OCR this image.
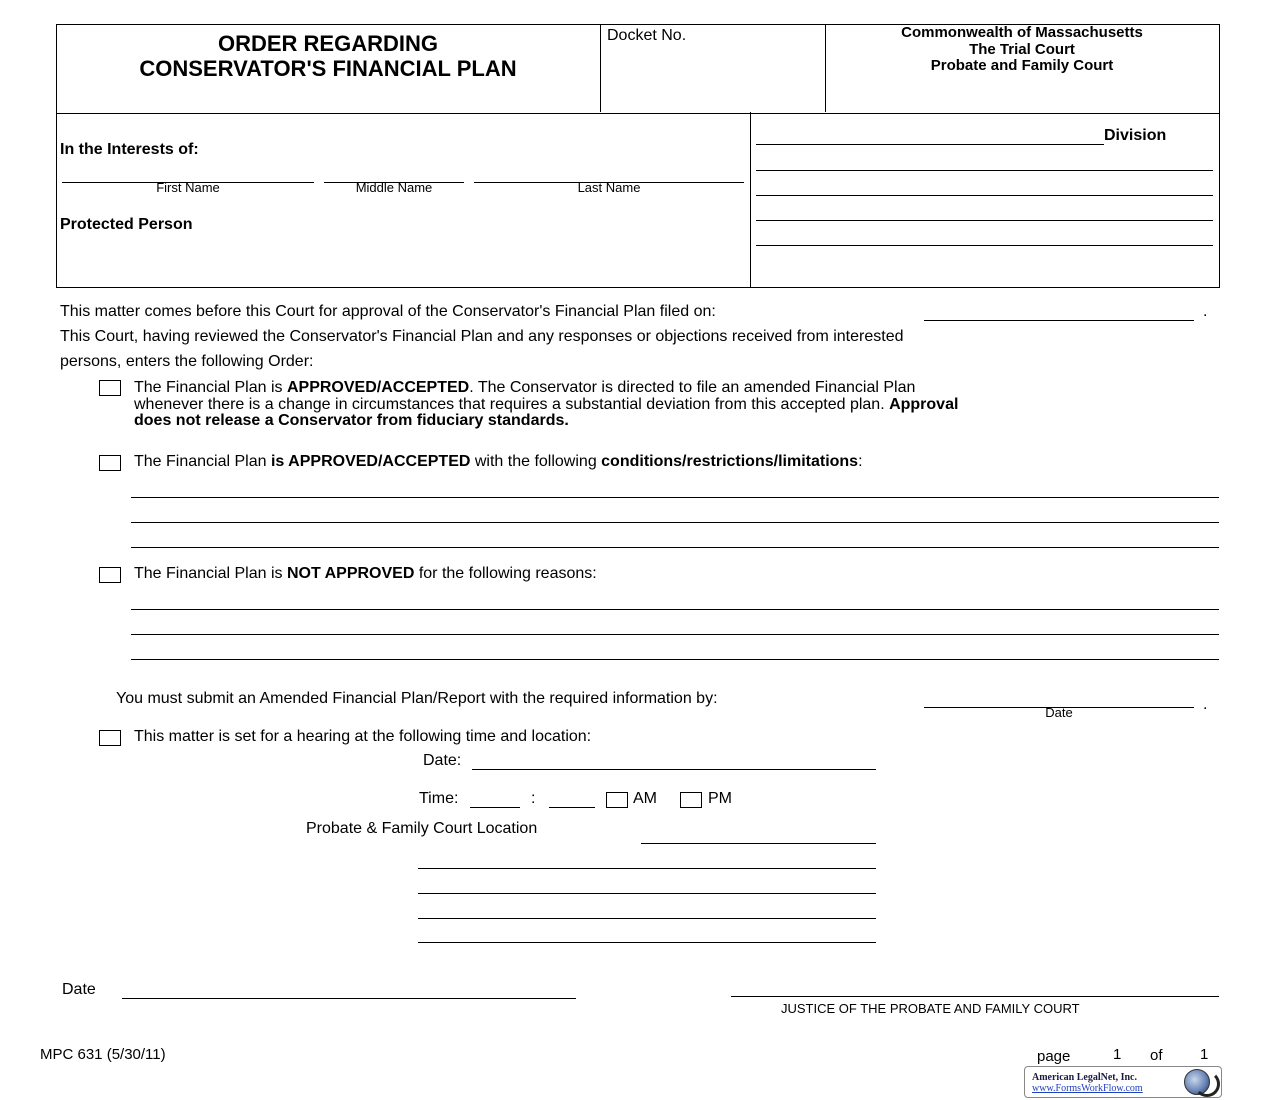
ORDER REGARDING
CONSERVATOR'S FINANCIAL PLAN
Docket No.	Commonwealth of Massachusetts
The Trial Court
Probate and Family Court
In the Interests of:
First Name	Middle Name	Last Name
Protected Person
Division
This matter comes before this Court for approval of the Conservator's Financial Plan filed on:	.
This Court, having reviewed the Conservator's Financial Plan and any responses or objections received from interested
persons, enters the following Order:
The Financial Plan is APPROVED/ACCEPTED. The Conservator is directed to file an amended Financial Plan
whenever there is a change in circumstances that requires a substantial deviation from this accepted plan. Approval
does not release a Conservator from fiduciary standards.
The Financial Plan is APPROVED/ACCEPTED with the following conditions/restrictions/limitations:
The Financial Plan is NOT APPROVED for the following reasons:
You must submit an Amended Financial Plan/Report with the required information by:
Date	.
This matter is set for a hearing at the following time and location:
Date:
Time:	:	AM	PM
Probate & Family Court Location
Date
JUSTICE OF THE PROBATE AND FAMILY COURT
MPC 631 (5/30/11)	page	1 of 1
American LegalNet, Inc.
www.FormsWorkFlow.com
